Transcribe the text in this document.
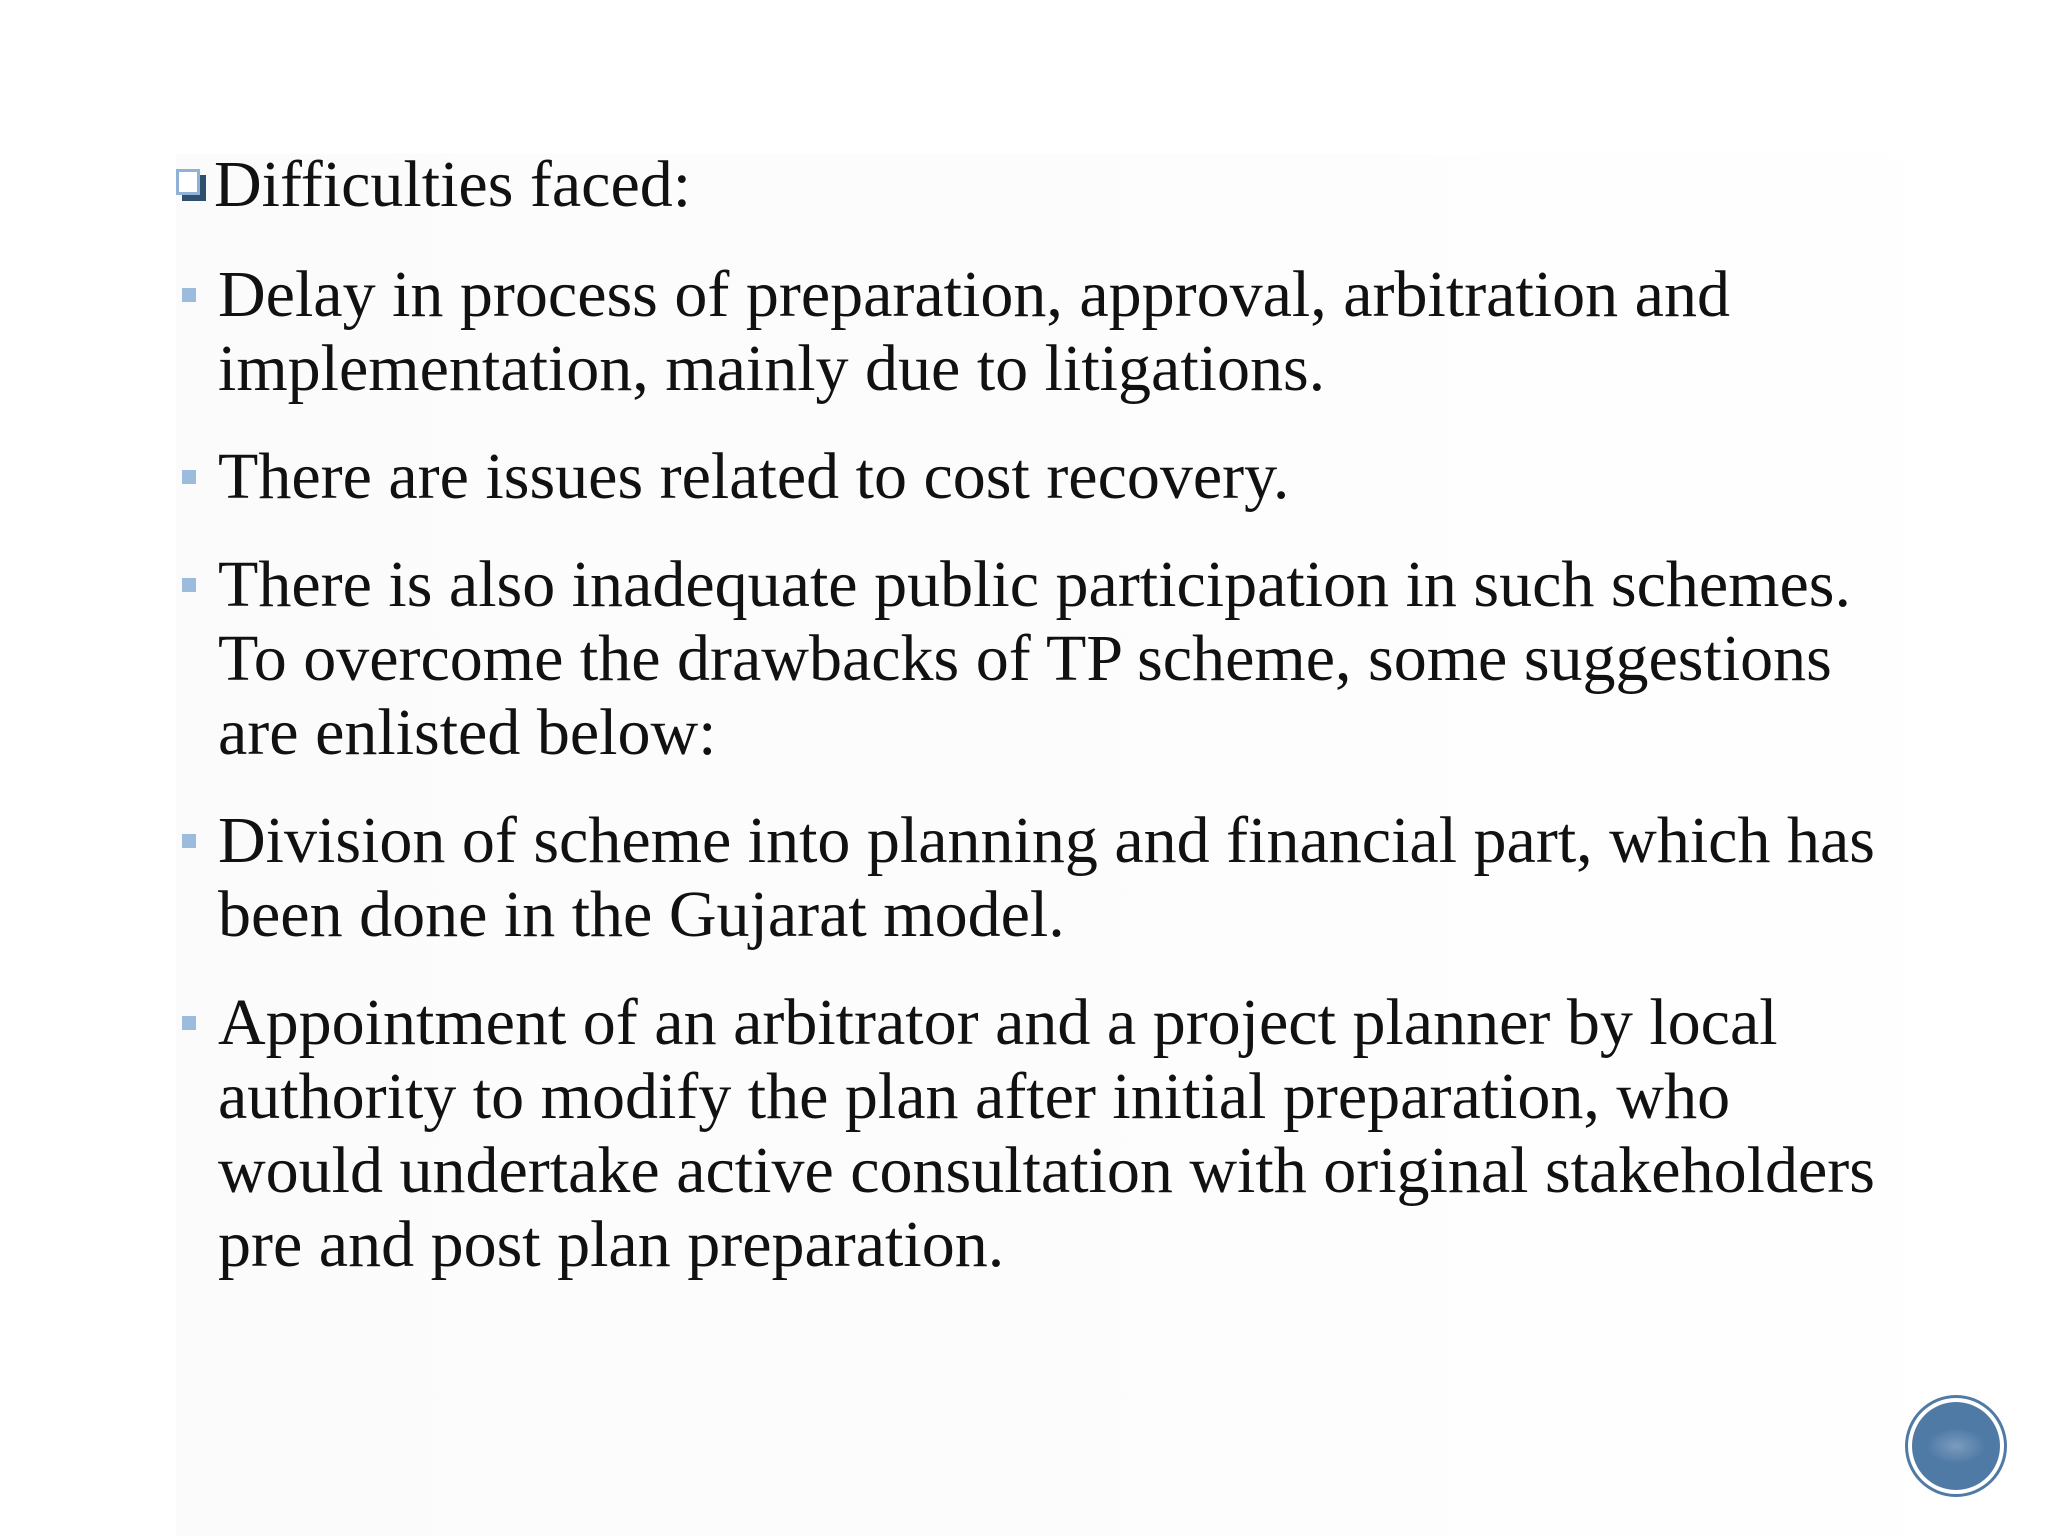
Difficulties faced:
Delay in process of preparation, approval, arbitration and implementation, mainly due to litigations.
There are issues related to cost recovery.
There is also inadequate public participation in such schemes. To overcome the drawbacks of TP scheme, some suggestions are enlisted below:
Division of scheme into planning and financial part, which has been done in the Gujarat model.
Appointment of an arbitrator and a project planner by local authority to modify the plan after initial preparation, who would undertake active consultation with original stakeholders pre and post plan preparation.
